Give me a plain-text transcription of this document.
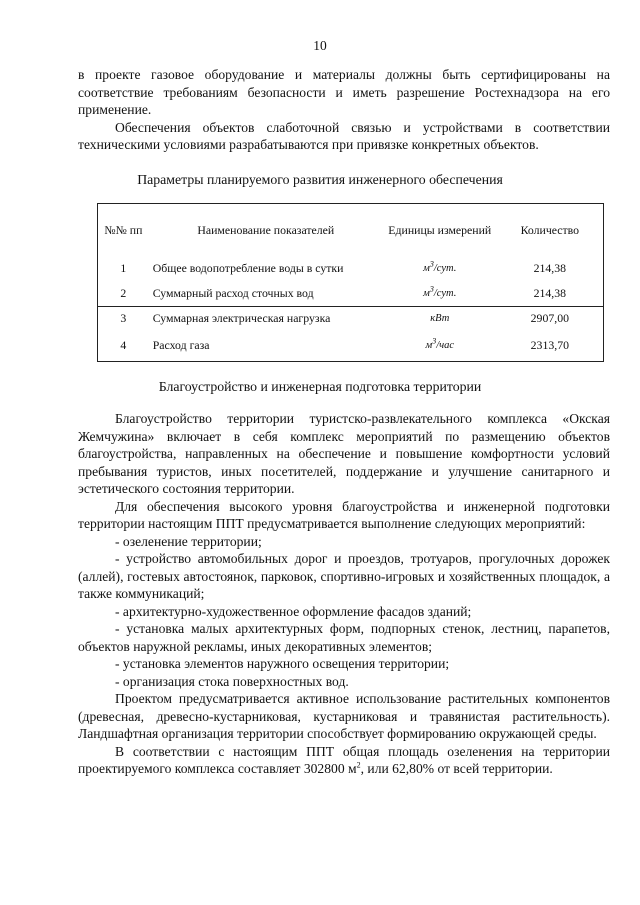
10

в проекте газовое оборудование и материалы должны быть сертифицированы на соответствие требованиям безопасности и иметь разрешение Ростехнадзора на его применение.

Обеспечения объектов слаботочной связью и устройствами в соответствии техническими условиями разрабатываются при привязке конкретных объектов.

Параметры планируемого развития инженерного обеспечения
№№ пп	Наименование показателей	Единицы измерений	Количество
1	Общее водопотребление воды в сутки	$м^3$/сут.	214,38
2	Суммарный расход сточных вод	$м^3$/сут.	214,38
3	Суммарная электрическая нагрузка	кВт	2907,00
4	Расход газа	$м^3$/час	2313,70
Благоустройство и инженерная подготовка территории

Благоустройство территории туристско-развлекательного комплекса «Окская Жемчужина» включает в себя комплекс мероприятий по размещению объектов благоустройства, направленных на обеспечение и повышение комфортности условий пребывания туристов, иных посетителей, поддержание и улучшение санитарного и эстетического состояния территории.

Для обеспечения высокого уровня благоустройства и инженерной подготовки территории настоящим ППТ предусматривается выполнение следующих мероприятий:

- озеленение территории;

- устройство автомобильных дорог и проездов, тротуаров, прогулочных дорожек (аллей), гостевых автостоянок, парковок, спортивно-игровых и хозяйственных площадок, а также коммуникаций;

- архитектурно-художественное оформление фасадов зданий;

- установка малых архитектурных форм, подпорных стенок, лестниц, парапетов, объектов наружной рекламы, иных декоративных элементов;

- установка элементов наружного освещения территории;

- организация стока поверхностных вод.

Проектом предусматривается активное использование растительных компонентов (древесная, древесно-кустарниковая, кустарниковая и травянистая растительность). Ландшафтная организация территории способствует формированию окружающей среды.

В соответствии с настоящим ППТ общая площадь озеленения на территории проектируемого комплекса составляет 302800 $м^2$, или 62,80% от всей территории.
